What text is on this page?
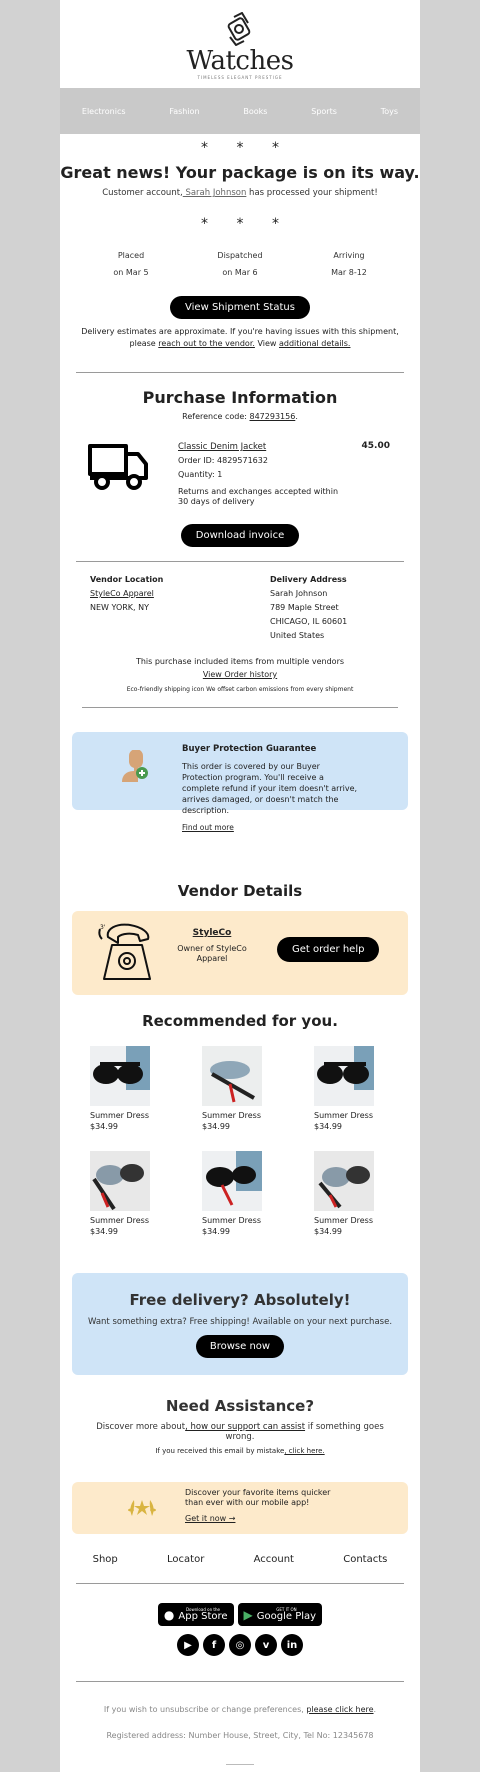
Watches
TIMELESS ELEGANT PRESTIGE
Electronics	Fashion	Books	Sports	Toys
* * *
Great news! Your package is on its way.
Customer account, Sarah Johnson has processed your shipment!
* * *
Placed
on Mar 5
Dispatched
on Mar 6
Arriving
Mar 8-12
View Shipment Status
Delivery estimates are approximate. If you're having issues with this shipment,
please reach out to the vendor. View additional details.
Purchase Information
Reference code: 847293156.
Classic Denim Jacket
Order ID: 4829571632
Quantity: 1
Returns and exchanges accepted within 30 days of delivery
45.00
Download invoice
Vendor Location
StyleCo Apparel
NEW YORK, NY
Delivery Address
Sarah Johnson
789 Maple Street
CHICAGO, IL 60601
United States
This purchase included items from multiple vendors
View Order history
Eco-friendly shipping icon We offset carbon emissions from every shipment
Buyer Protection Guarantee
This order is covered by our Buyer Protection program. You'll receive a complete refund if your item doesn't arrive, arrives damaged, or doesn't match the description.
Find out more
Vendor Details
3'
StyleCo
Owner of StyleCo Apparel
Get order help
Recommended for you.
Summer Dress
$34.99
Summer Dress
$34.99
Summer Dress
$34.99
Summer Dress
$34.99
Summer Dress
$34.99
Summer Dress
$34.99
Free delivery? Absolutely!
Want something extra? Free shipping! Available on your next purchase.
Browse now
Need Assistance?
Discover more about, how our support can assist if something goes wrong.
If you received this email by mistake, click here.
Discover your favorite items quicker than ever with our mobile app!
Get it now →
Shop	Locator	Account	Contacts
●	Download on the
App Store ▶	GET IT ON
Google Play
▶	f	◎	v	in
If you wish to unsubscribe or change preferences, please click here.
Registered address: Number House, Street, City, Tel No: 12345678
